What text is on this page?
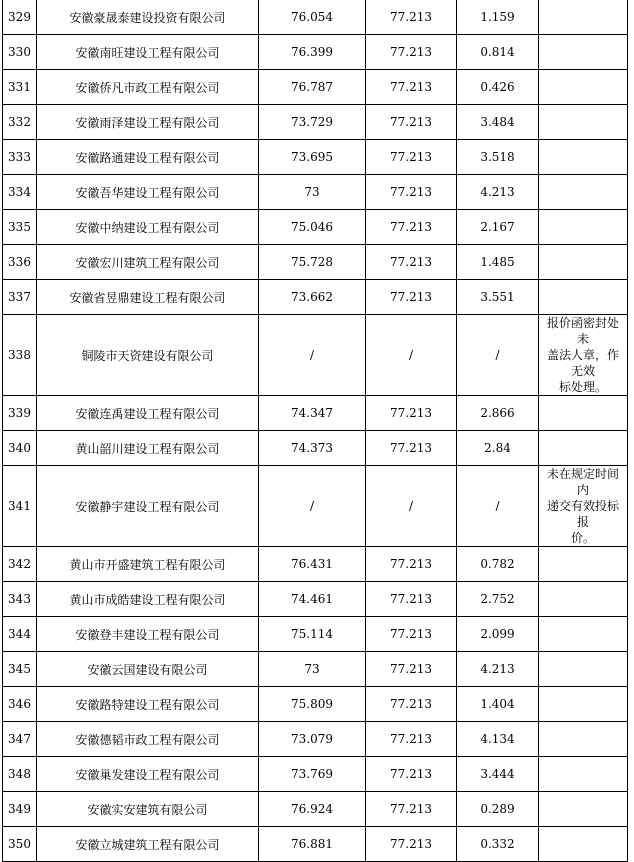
329	安徽豪晟泰建设投资有限公司	76.054	77.213	1.159	
330	安徽南旺建设工程有限公司	76.399	77.213	0.814	
331	安徽侨凡市政工程有限公司	76.787	77.213	0.426	
332	安徽雨泽建设工程有限公司	73.729	77.213	3.484	
333	安徽路通建设工程有限公司	73.695	77.213	3.518	
334	安徽吾华建设工程有限公司	73	77.213	4.213	
335	安徽中纳建设工程有限公司	75.046	77.213	2.167	
336	安徽宏川建筑工程有限公司	75.728	77.213	1.485	
337	安徽省昱鼎建设工程有限公司	73.662	77.213	3.551	
338	铜陵市天资建设有限公司	/	/	/	报价函密封处未
盖法人章，作无效
标处理。

339	安徽连禹建设工程有限公司	74.347	77.213	2.866	
340	黄山韶川建设工程有限公司	74.373	77.213	2.84	
341	安徽静宇建设工程有限公司	/	/	/	未在规定时间内
递交有效投标报
价。

342	黄山市开盛建筑工程有限公司	76.431	77.213	0.782	
343	黄山市成皓建设工程有限公司	74.461	77.213	2.752	
344	安徽登丰建设工程有限公司	75.114	77.213	2.099	
345	安徽云国建设有限公司	73	77.213	4.213	
346	安徽路特建设工程有限公司	75.809	77.213	1.404	
347	安徽德韬市政工程有限公司	73.079	77.213	4.134	
348	安徽巢发建设工程有限公司	73.769	77.213	3.444	
349	安徽实安建筑有限公司	76.924	77.213	0.289	
350	安徽立城建筑工程有限公司	76.881	77.213	0.332	
